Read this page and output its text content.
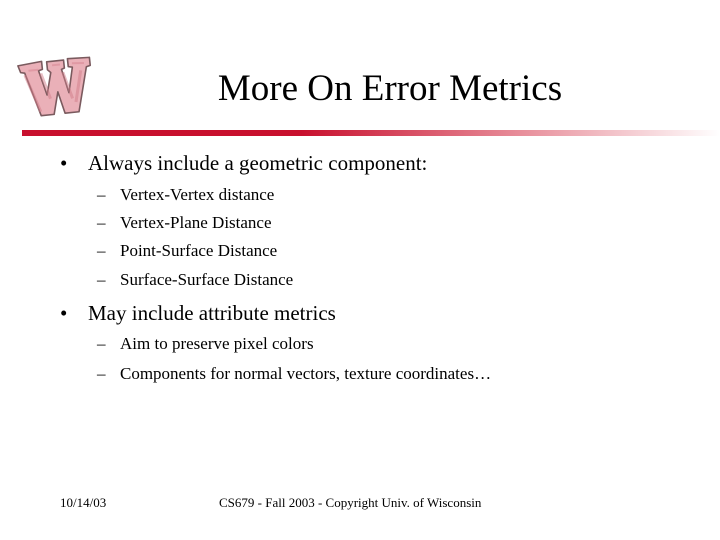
More On Error Metrics
• Always include a geometric component:
– Vertex-Vertex distance
– Vertex-Plane Distance
– Point-Surface Distance
– Surface-Surface Distance
• May include attribute metrics
– Aim to preserve pixel colors
– Components for normal vectors, texture coordinates…
10/14/03	CS679 - Fall 2003 - Copyright Univ. of Wisconsin
